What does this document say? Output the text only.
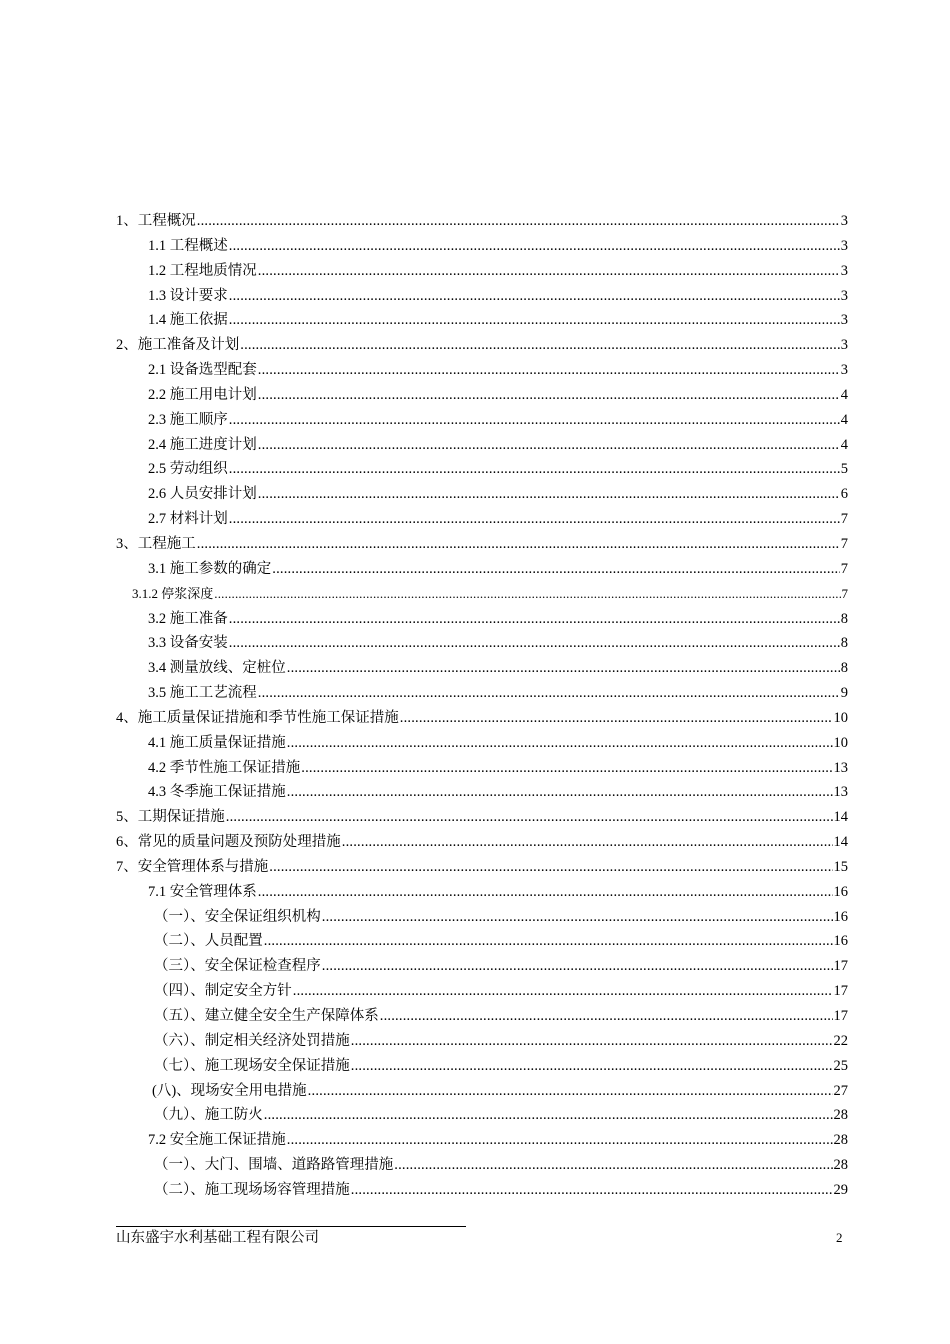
1、工程概况 .....	3
1.1 工程概述 .....	3
1.2 工程地质情况 .....	3
1.3 设计要求 .....	3
1.4 施工依据 .....	3
2、施工准备及计划 .....	3
2.1 设备选型配套 .....	3
2.2 施工用电计划 .....	4
2.3 施工顺序 .....	4
2.4 施工进度计划 .....	4
2.5 劳动组织 .....	5
2.6 人员安排计划 .....	6
2.7 材料计划 .....	7
3、工程施工 .....	7
3.1 施工参数的确定 .....	7
3.1.2 停浆深度 .....	7
3.2 施工准备 .....	8
3.3 设备安装 .....	8
3.4 测量放线、定桩位 .....	8
3.5 施工工艺流程 .....	9
4、施工质量保证措施和季节性施工保证措施 .....	10
4.1 施工质量保证措施 .....	10
4.2 季节性施工保证措施 .....	13
4.3 冬季施工保证措施 .....	13
5、工期保证措施 .....	14
6、常见的质量问题及预防处理措施 .....	14
7、安全管理体系与措施 .....	15
7.1 安全管理体系 .....	16
（一）、安全保证组织机构 .....	16
（二）、人员配置 .....	16
（三）、安全保证检查程序 .....	17
（四）、制定安全方针 .....	17
（五）、建立健全安全生产保障体系 .....	17
（六）、制定相关经济处罚措施 .....	22
（七）、施工现场安全保证措施 .....	25
(八)、现场安全用电措施 .....	27
（九）、施工防火 .....	28
7.2 安全施工保证措施 .....	28
（一）、大门、围墙、道路路管理措施 .....	28
（二）、施工现场场容管理措施 .....	29
山东盛宇水利基础工程有限公司	2
